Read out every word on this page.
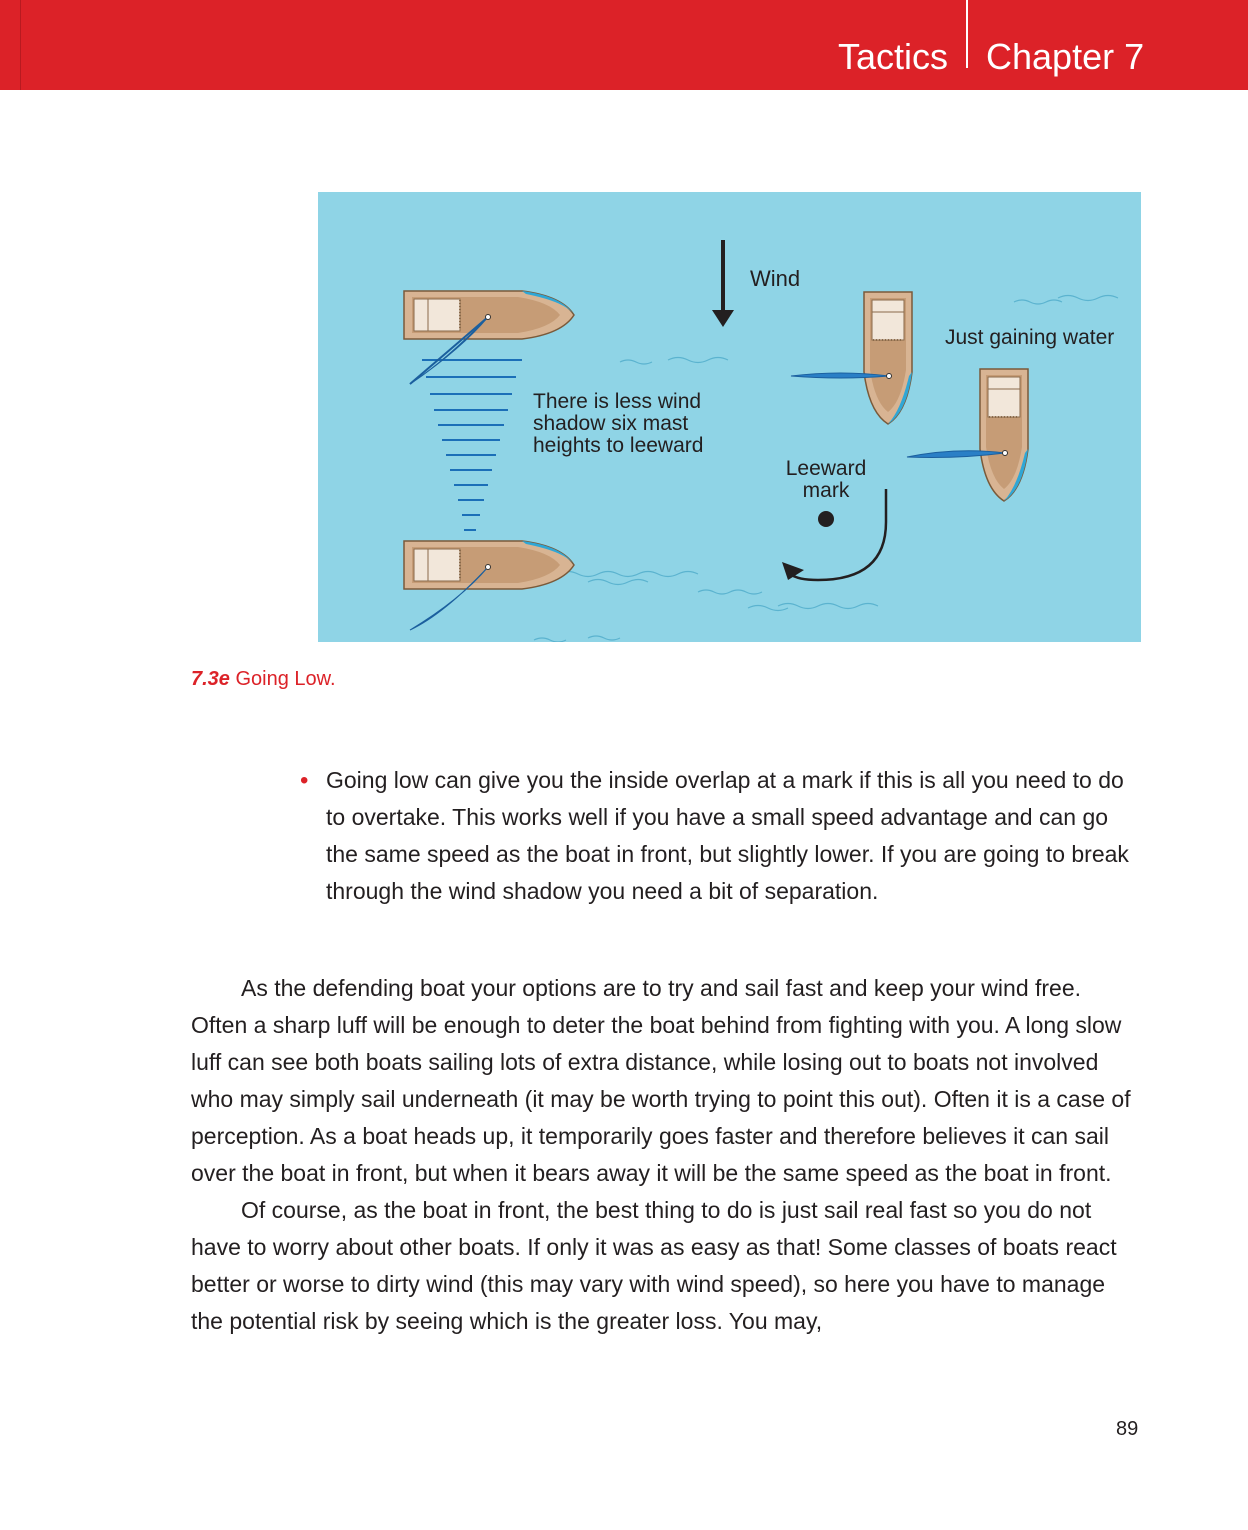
Tactics Chapter 7
Wind
Just gaining water
There is less wind
shadow six mast
heights to leeward
Leeward
mark
7.3e Going Low.
• Going low can give you the inside overlap at a mark if this is all you need to do to overtake. This works well if you have a small speed advantage and can go the same speed as the boat in front, but slightly lower. If you are going to break through the wind shadow you need a bit of separation.

As the defending boat your options are to try and sail fast and keep your wind free. Often a sharp luff will be enough to deter the boat behind from fighting with you. A long slow luff can see both boats sailing lots of extra distance, while losing out to boats not involved who may simply sail underneath (it may be worth trying to point this out). Often it is a case of perception. As a boat heads up, it temporarily goes faster and therefore believes it can sail over the boat in front, but when it bears away it will be the same speed as the boat in front.

Of course, as the boat in front, the best thing to do is just sail real fast so you do not have to worry about other boats. If only it was as easy as that! Some classes of boats react better or worse to dirty wind (this may vary with wind speed), so here you have to manage the potential risk by seeing which is the greater loss. You may,

89
